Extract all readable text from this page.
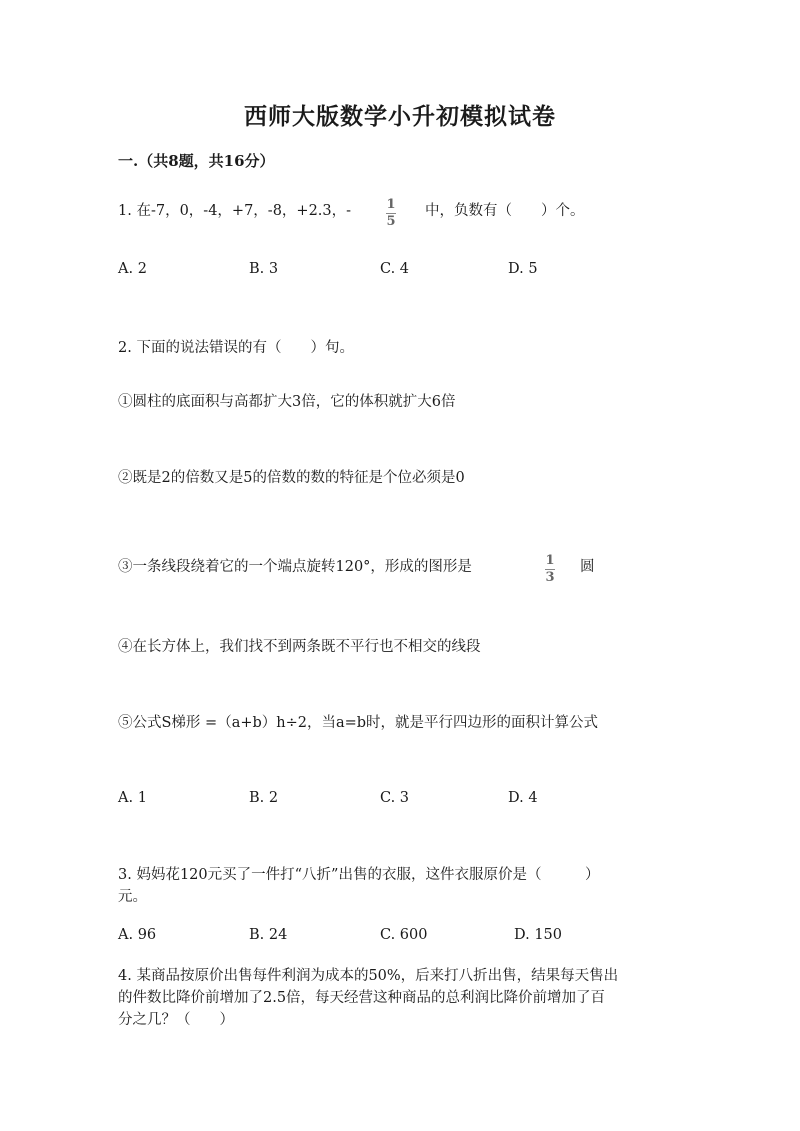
西师大版数学小升初模拟试卷
一.（共8题，共16分）
1. 在-7，0，-4，+7，-8，+2.3，-	1
5
中，负数有（　　）个。
A. 2	B. 3	C. 4	D. 5
2. 下面的说法错误的有（　　）句。
①圆柱的底面积与高都扩大3倍，它的体积就扩大6倍
②既是2的倍数又是5的倍数的数的特征是个位必须是0
③一条线段绕着它的一个端点旋转120°，形成的图形是	1
3
圆
④在长方体上，我们找不到两条既不平行也不相交的线段
⑤公式S梯形 =（a+b）h÷2，当a=b时，就是平行四边形的面积计算公式
A. 1	B. 2	C. 3	D. 4
3. 妈妈花120元买了一件打“八折”出售的衣服，这件衣服原价是（　　　）
元。
A. 96	B. 24	C. 600	D. 150
4. 某商品按原价出售每件利润为成本的50%，后来打八折出售，结果每天售出
的件数比降价前增加了2.5倍，每天经营这种商品的总利润比降价前增加了百
分之几？（　　）
